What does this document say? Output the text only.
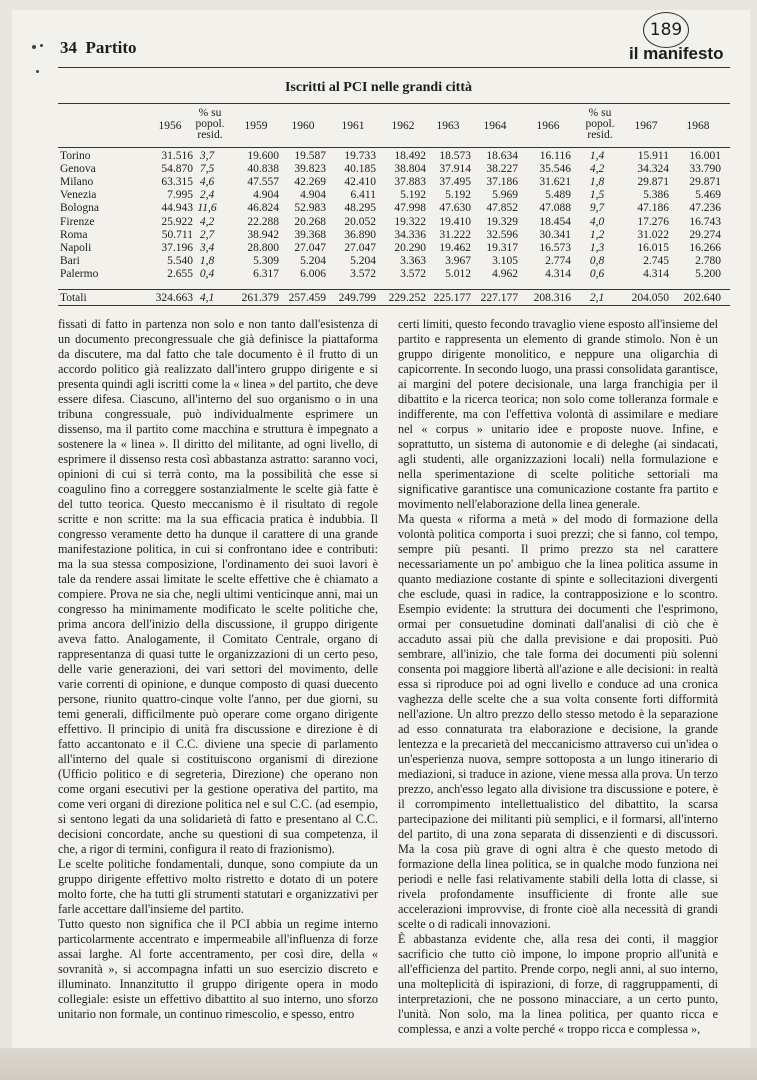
34 Partito
189
il manifesto
Iscritti al PCI nelle grandi città
1956
% su popol. resid.
1959	1960	1961	1962	1963	1964	1966
% su popol. resid.
1967	1968
Torino	31.516 3,7	19.600	19.587	19.733	18.492	18.573	18.634	16.116	1,4	15.911	16.001
Genova	54.870 7,5	40.838	39.823	40.185	38.804	37.914	38.227	35.546	4,2	34.324	33.790
Milano	63.315 4,6	47.557	42.269	42.410	37.883	37.495	37.186	31.621	1,8	29.871	29.871
Venezia	7.995 2,4	4.904	4.904	6.411	5.192	5.192	5.969	5.489	1,5	5.386	5.469
Bologna	44.943 11,6	46.824	52.983	48.295	47.998	47.630	47.852	47.088	9,7	47.186	47.236
Firenze	25.922 4,2	22.288	20.268	20.052	19.322	19.410	19.329	18.454	4,0	17.276	16.743
Roma	50.711 2,7	38.942	39.368	36.890	34.336	31.222	32.596	30.341	1,2	31.022	29.274
Napoli	37.196 3,4	28.800	27.047	27.047	20.290	19.462	19.317	16.573	1,3	16.015	16.266
Bari	5.540 1,8	5.309	5.204	5.204	3.363	3.967	3.105	2.774	0,8	2.745	2.780
Palermo	2.655 0,4	6.317	6.006	3.572	3.572	5.012	4.962	4.314	0,6	4.314	5.200
Totali	324.663 4,1	261.379 257.459	249.799	229.252 225.177 227.177	208.316	2,1	204.050	202.640

fissati di fatto in partenza non solo e non tanto dall'esistenza di un documento precongressuale che già definisce la piattaforma da discutere, ma dal fatto che tale documento è il frutto di un accordo politico già realizzato dall'intero gruppo dirigente e si presenta quindi agli iscritti come la « linea » del partito, che deve essere difesa. Ciascuno, all'interno del suo organismo o in una tribuna congressuale, può individualmente esprimere un dissenso, ma il partito come macchina e struttura è impegnato a sostenere la « linea ». Il diritto del militante, ad ogni livello, di esprimere il dissenso resta così abbastanza astratto: saranno voci, opinioni di cui si terrà conto, ma la possibilità che esse si coagulino fino a correggere sostanzialmente le scelte già fatte è del tutto teorica. Questo meccanismo è il risultato di regole scritte e non scritte: ma la sua efficacia pratica è indubbia. Il congresso veramente detto ha dunque il carattere di una grande manifestazione politica, in cui si confrontano idee e contributi: ma la sua stessa composizione, l'ordinamento dei suoi lavori è tale da rendere assai limitate le scelte effettive che è chiamato a compiere. Prova ne sia che, negli ultimi venticinque anni, mai un congresso ha minimamente modificato le scelte politiche che, prima ancora dell'inizio della discussione, il gruppo dirigente aveva fatto. Analogamente, il Comitato Centrale, organo di rappresentanza di quasi tutte le organizzazioni di un certo peso, delle varie generazioni, dei vari settori del movimento, delle varie correnti di opinione, e dunque composto di quasi duecento persone, riunito quattro-cinque volte l'anno, per due giorni, su temi generali, difficilmente può operare come organo dirigente effettivo. Il principio di unità fra discussione e direzione è di fatto accantonato e il C.C. diviene una specie di parlamento all'interno del quale si costituiscono organismi di direzione (Ufficio politico e di segreteria, Direzione) che operano non come organi esecutivi per la gestione operativa del partito, ma come veri organi di direzione politica nel e sul C.C. (ad esempio, si sentono legati da una solidarietà di fatto e presentano al C.C. decisioni concordate, anche su questioni di sua competenza, il che, a rigor di termini, configura il reato di frazionismo).

Le scelte politiche fondamentali, dunque, sono compiute da un gruppo dirigente effettivo molto ristretto e dotato di un potere molto forte, che ha tutti gli strumenti statutari e organizzativi per farle accettare dall'insieme del partito.

Tutto questo non significa che il PCI abbia un regime interno particolarmente accentrato e impermeabile all'influenza di forze assai larghe. Al forte accentramento, per così dire, della « sovranità », si accompagna infatti un suo esercizio discreto e illuminato. Innanzitutto il gruppo dirigente opera in modo collegiale: esiste un effettivo dibattito al suo interno, uno sforzo unitario non formale, un continuo rimescolio, e spesso, entro

certi limiti, questo fecondo travaglio viene esposto all'insieme del partito e rappresenta un elemento di grande stimolo. Non è un gruppo dirigente monolitico, e neppure una oligarchia di capicorrente. In secondo luogo, una prassi consolidata garantisce, ai margini del potere decisionale, una larga franchigia per il dibattito e la ricerca teorica; non solo come tolleranza formale e indifferente, ma con l'effettiva volontà di assimilare e mediare nel « corpus » unitario idee e proposte nuove. Infine, e soprattutto, un sistema di autonomie e di deleghe (ai sindacati, agli studenti, alle organizzazioni locali) nella formulazione e nella sperimentazione di scelte politiche settoriali ma significative garantisce una comunicazione costante fra partito e movimento nell'elaborazione della linea generale.

Ma questa « riforma a metà » del modo di formazione della volontà politica comporta i suoi prezzi; che si fanno, col tempo, sempre più pesanti. Il primo prezzo sta nel carattere necessariamente un po' ambiguo che la linea politica assume in quanto mediazione costante di spinte e sollecitazioni divergenti che esclude, quasi in radice, la contrapposizione e lo scontro. Esempio evidente: la struttura dei documenti che l'esprimono, ormai per consuetudine dominati dall'analisi di ciò che è accaduto assai più che dalla previsione e dai propositi. Può sembrare, all'inizio, che tale forma dei documenti più solenni consenta poi maggiore libertà all'azione e alle decisioni: in realtà essa si riproduce poi ad ogni livello e conduce ad una cronica vaghezza delle scelte che a sua volta consente forti difformità nell'azione. Un altro prezzo dello stesso metodo è la separazione ad esso connaturata tra elaborazione e decisione, la grande lentezza e la precarietà del meccanicismo attraverso cui un'idea o un'esperienza nuova, sempre sottoposta a un lungo itinerario di mediazioni, si traduce in azione, viene messa alla prova. Un terzo prezzo, anch'esso legato alla divisione tra discussione e potere, è il corrompimento intellettualistico del dibattito, la scarsa partecipazione dei militanti più semplici, e il formarsi, all'interno del partito, di una zona separata di dissenzienti e di discussori. Ma la cosa più grave di ogni altra è che questo metodo di formazione della linea politica, se in qualche modo funziona nei periodi e nelle fasi relativamente stabili della lotta di classe, si rivela profondamente insufficiente di fronte alle sue accelerazioni improvvise, di fronte cioè alla necessità di grandi scelte o di radicali innovazioni.

È abbastanza evidente che, alla resa dei conti, il maggior sacrificio che tutto ciò impone, lo impone proprio all'unità e all'efficienza del partito. Prende corpo, negli anni, al suo interno, una molteplicità di ispirazioni, di forze, di raggruppamenti, di interpretazioni, che ne possono minacciare, a un certo punto, l'unità. Non solo, ma la linea politica, per quanto ricca e complessa, e anzi a volte perché « troppo ricca e complessa »,
